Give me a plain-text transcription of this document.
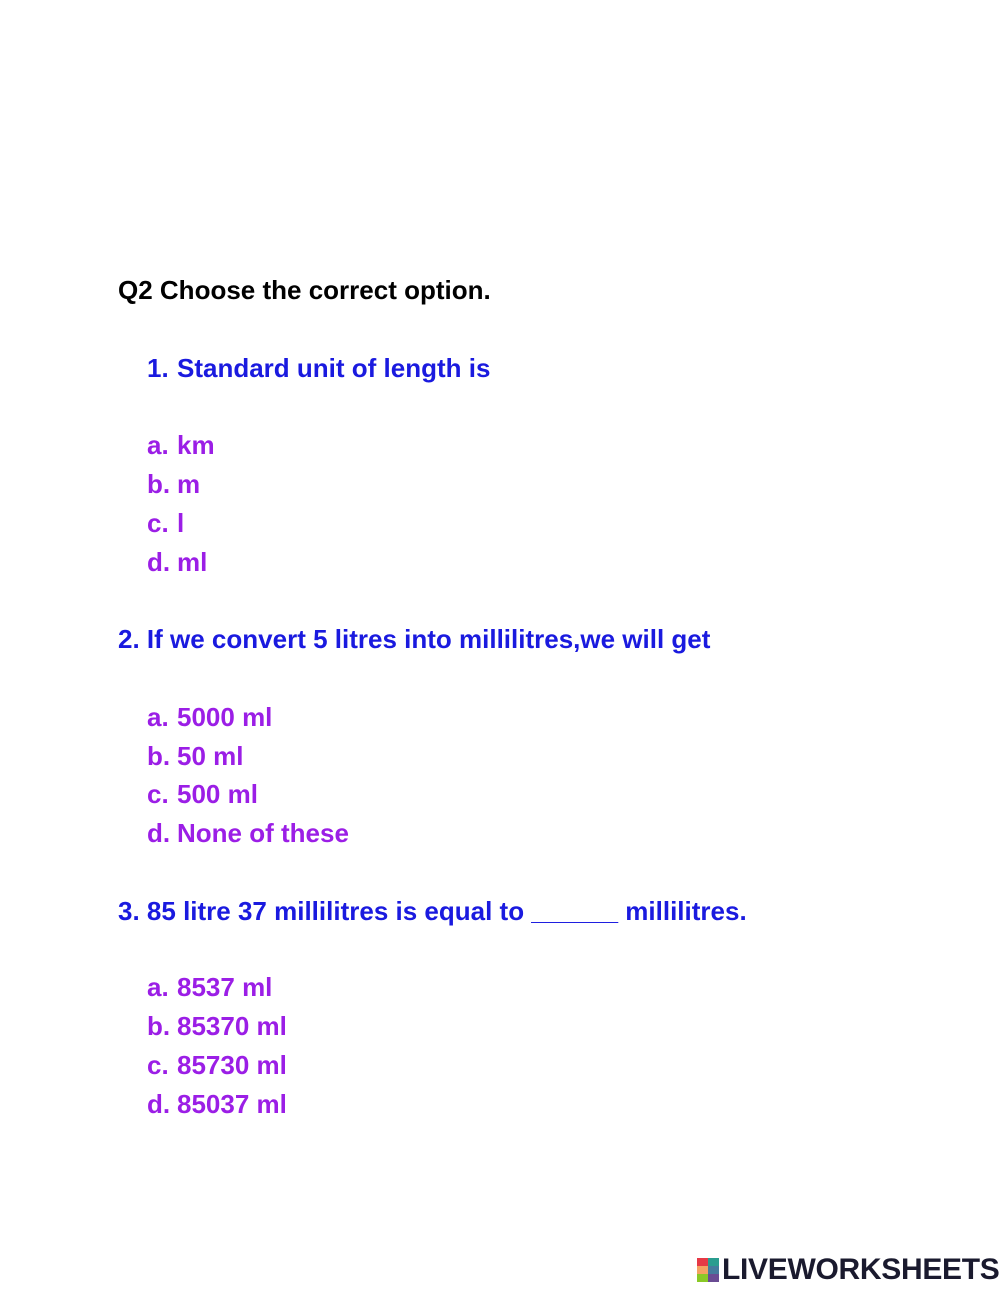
Q2 Choose the correct option.
1. Standard unit of length is
a. km
b. m
c. l
d. ml
2. If we convert 5 litres into millilitres,we will get
a. 5000 ml
b. 50 ml
c. 500 ml
d. None of these
3. 85 litre 37 millilitres is equal to ______ millilitres.
a. 8537 ml
b. 85370 ml
c. 85730 ml
d. 85037 ml
LIVEWORKSHEETS
